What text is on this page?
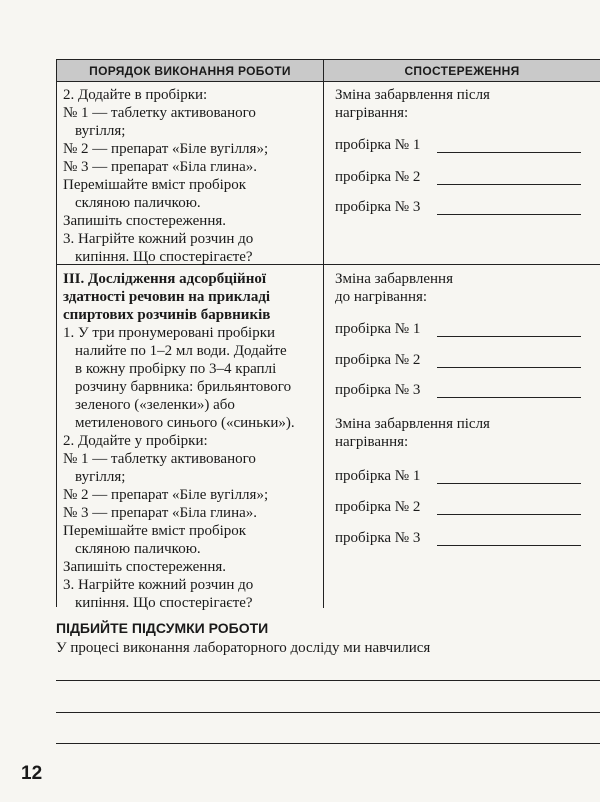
ПОРЯДОК ВИКОНАННЯ РОБОТИ	СПОСТЕРЕЖЕННЯ
2. Додайте в пробірки:
№ 1 — таблетку активованого
вугілля;
№ 2 — препарат «Біле вугілля»;
№ 3 — препарат «Біла глина».
Перемішайте вміст пробірок
скляною паличкою.
Запишіть спостереження.
3. Нагрійте кожний розчин до
кипіння. Що спостерігаєте?
Зміна забарвлення після
нагрівання:
пробірка № 1
пробірка № 2
пробірка № 3
III. Дослідження адсорбційної
здатності речовин на прикладі
спиртових розчинів барвників
1. У три пронумеровані пробірки
налийте по 1–2 мл води. Додайте
в кожну пробірку по 3–4 краплі
розчину барвника: брильянтового
зеленого («зеленки») або
метиленового синього («синьки»).
2. Додайте у пробірки:
№ 1 — таблетку активованого
вугілля;
№ 2 — препарат «Біле вугілля»;
№ 3 — препарат «Біла глина».
Перемішайте вміст пробірок
скляною паличкою.
Запишіть спостереження.
3. Нагрійте кожний розчин до
кипіння. Що спостерігаєте?
Зміна забарвлення
до нагрівання:
пробірка № 1
пробірка № 2
пробірка № 3
Зміна забарвлення після
нагрівання:
пробірка № 1
пробірка № 2
пробірка № 3
ПІДБИЙТЕ ПІДСУМКИ РОБОТИ
У процесі виконання лабораторного досліду ми навчилися
12
